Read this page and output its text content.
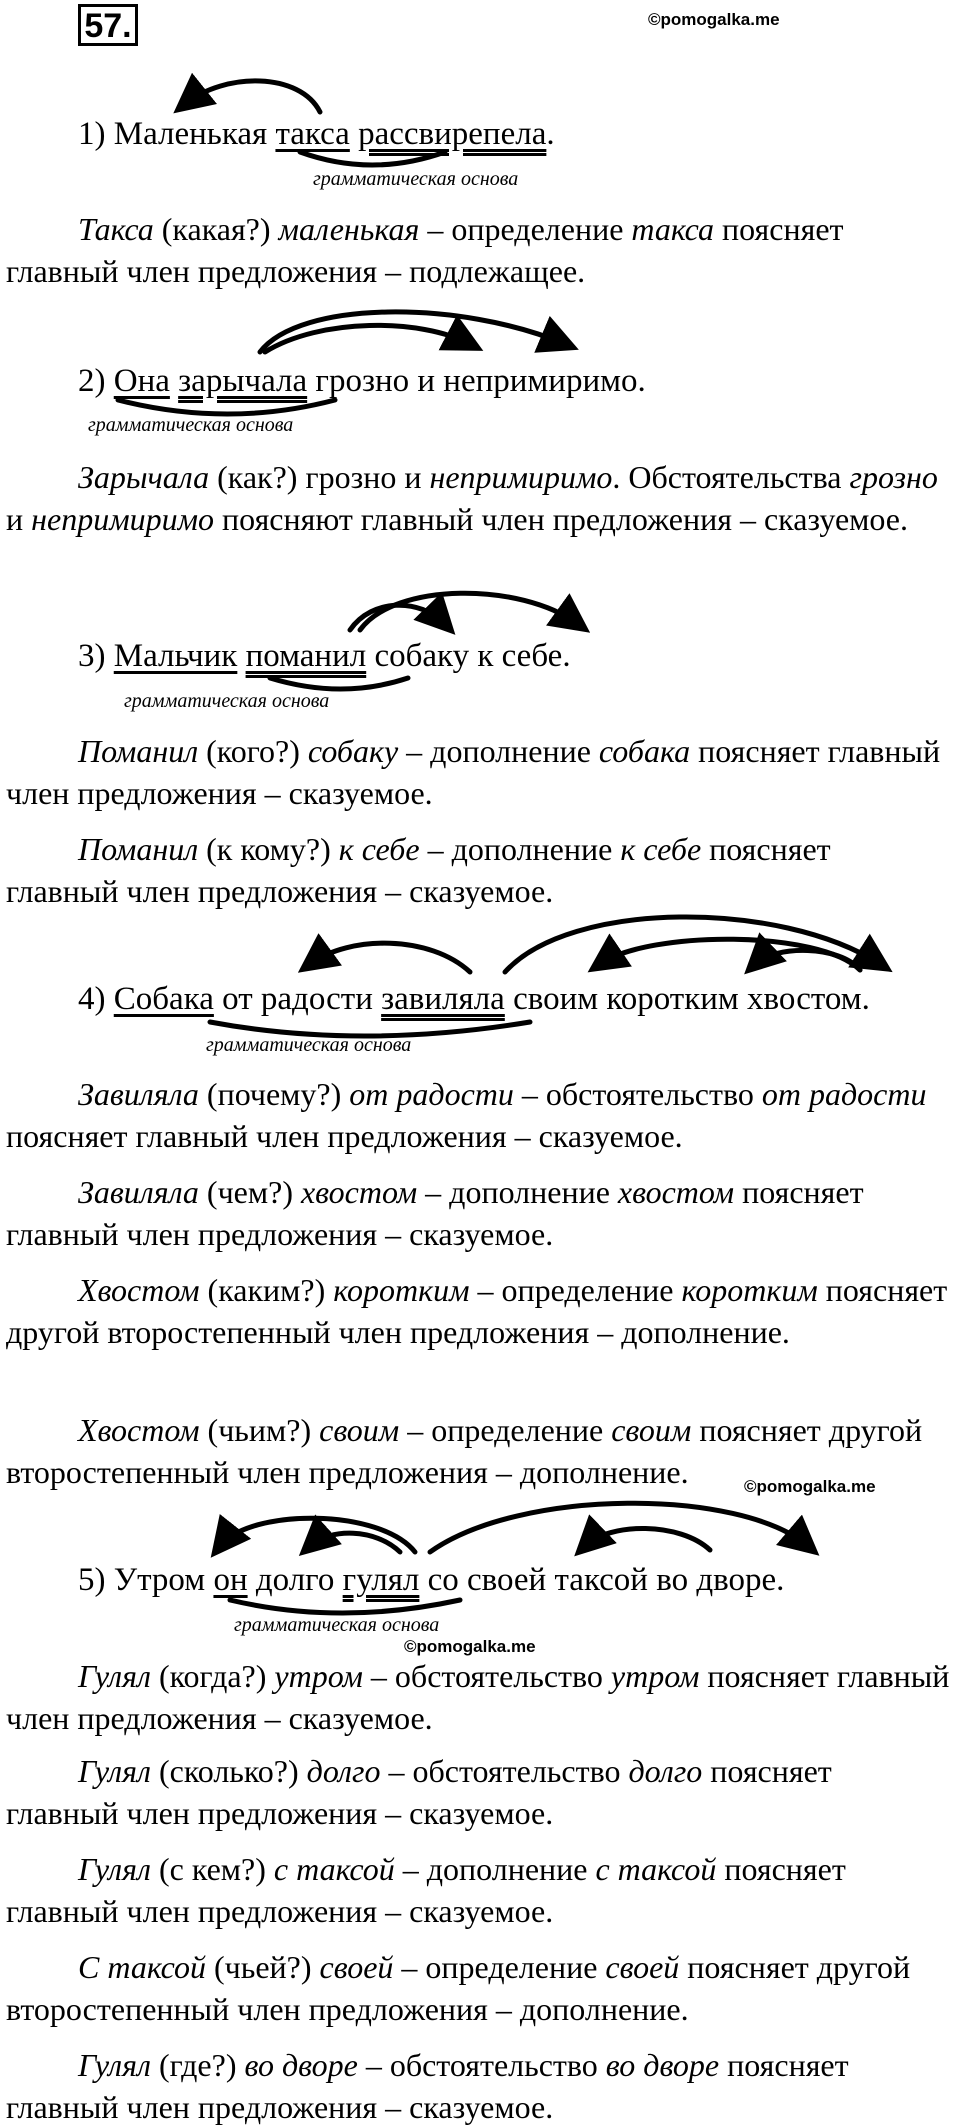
57.	©pomogalka.me
©pomogalka.me
©pomogalka.me
1) Маленькая такса рассвирепела.
грамматическая основа

Такса (какая?) маленькая – определение такса поясняет главный член предложения – подлежащее.

2) Она зарычала грозно и непримиримо.
грамматическая основа

Зарычала (как?) грозно и непримиримо. Обстоятельства грозно и непримиримо поясняют главный член предложения – сказуемое.

3) Мальчик поманил собаку к себе.
грамматическая основа

Поманил (кого?) собаку – дополнение собака поясняет главный член предложения – сказуемое.

Поманил (к кому?) к себе – дополнение к себе поясняет главный член предложения – сказуемое.

4) Собака от радости завиляла своим коротким хвостом.
грамматическая основа

Завиляла (почему?) от радости – обстоятельство от радости поясняет главный член предложения – сказуемое.

Завиляла (чем?) хвостом – дополнение хвостом поясняет главный член предложения – сказуемое.

Хвостом (каким?) коротким – определение коротким поясняет другой второстепенный член предложения – дополнение.

Хвостом (чьим?) своим – определение своим поясняет другой второстепенный член предложения – дополнение.

5) Утром он долго гулял со своей таксой во дворе.
грамматическая основа

Гулял (когда?) утром – обстоятельство утром поясняет главный член предложения – сказуемое.

Гулял (сколько?) долго – обстоятельство долго поясняет главный член предложения – сказуемое.

Гулял (с кем?) с таксой – дополнение с таксой поясняет главный член предложения – сказуемое.

С таксой (чьей?) своей – определение своей поясняет другой второстепенный член предложения – дополнение.

Гулял (где?) во дворе – обстоятельство во дворе поясняет главный член предложения – сказуемое.
